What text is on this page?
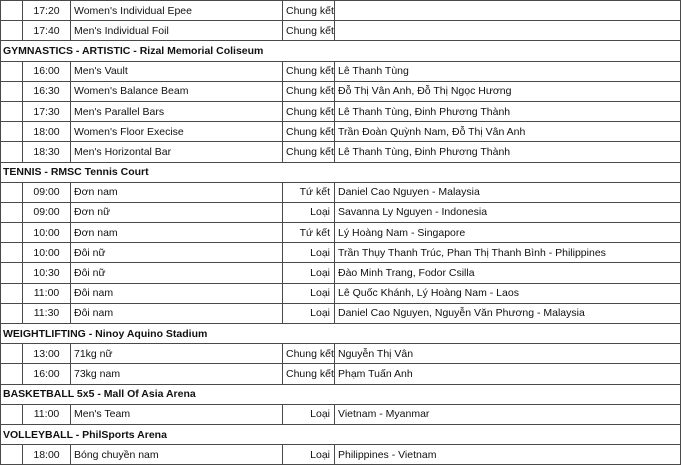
	17:20	Women's Individual Epee	Chung kết	
	17:40	Men's Individual Foil	Chung kết	
GYMNASTICS - ARTISTIC - Rizal Memorial Coliseum				
	16:00	Men's Vault	Chung kết	Lê Thanh Tùng
	16:30	Women's Balance Beam	Chung kết	Đỗ Thị Vân Anh, Đỗ Thị Ngọc Hương
	17:30	Men's Parallel Bars	Chung kết	Lê Thanh Tùng, Đinh Phương Thành
	18:00	Women's Floor Execise	Chung kết	Trần Đoàn Quỳnh Nam, Đỗ Thị Vân Anh
	18:30	Men's Horizontal Bar	Chung kết	Lê Thanh Tùng, Đinh Phương Thành
TENNIS - RMSC Tennis Court				
	09:00	Đơn nam	Tứ kết	Daniel Cao Nguyen - Malaysia
	09:00	Đơn nữ	Loại	Savanna Ly Nguyen - Indonesia
	10:00	Đơn nam	Tứ kết	Lý Hoàng Nam - Singapore
	10:00	Đôi nữ	Loại	Trần Thụy Thanh Trúc, Phan Thị Thanh Bình - Philippines
	10:30	Đôi nữ	Loại	Đào Minh Trang, Fodor Csilla
	11:00	Đôi nam	Loại	Lê Quốc Khánh, Lý Hoàng Nam - Laos
	11:30	Đôi nam	Loại	Daniel Cao Nguyen, Nguyễn Văn Phương - Malaysia
WEIGHTLIFTING - Ninoy Aquino Stadium				
	13:00	71kg nữ	Chung kết	Nguyễn Thị Vân
	16:00	73kg nam	Chung kết	Phạm Tuấn Anh
BASKETBALL 5x5 - Mall Of Asia Arena				
	11:00	Men's Team	Loại	Vietnam - Myanmar
VOLLEYBALL - PhilSports Arena				
	18:00	Bóng chuyền nam	Loại	Philippines - Vietnam
